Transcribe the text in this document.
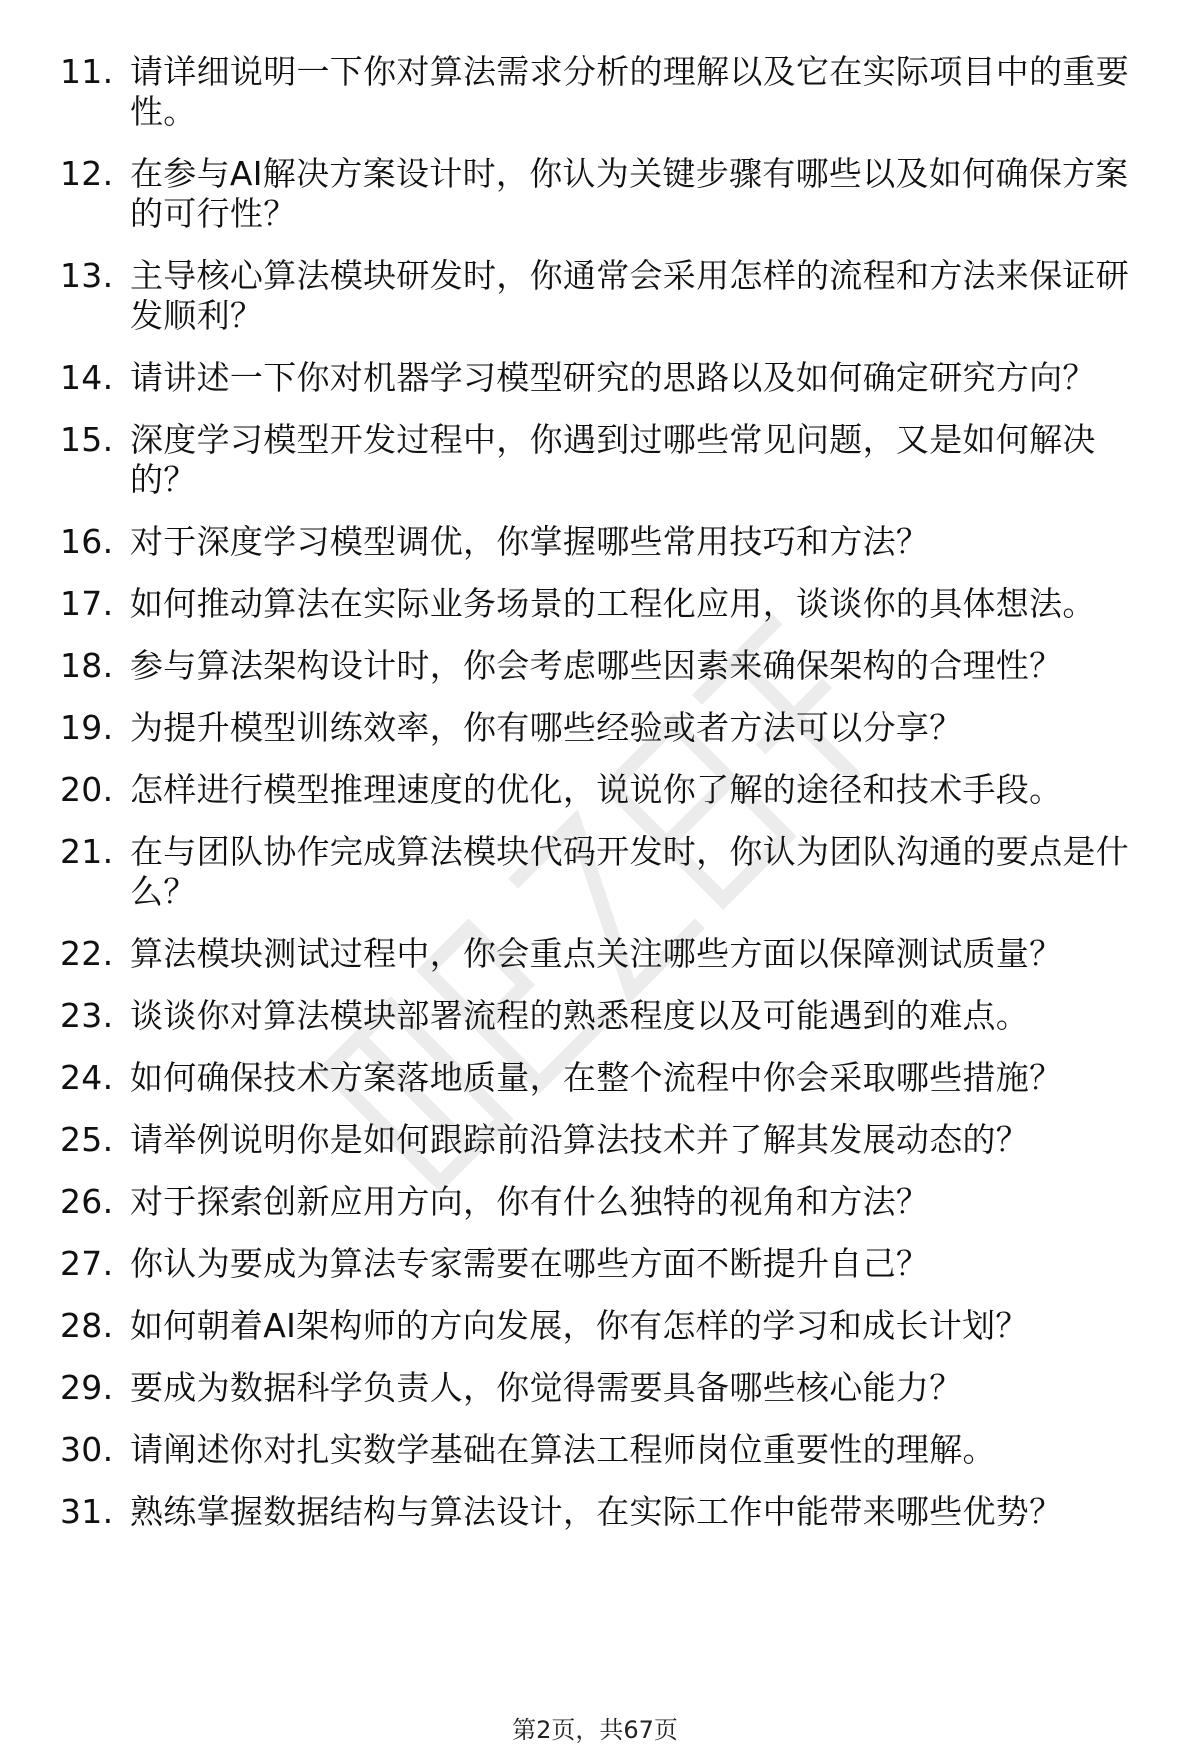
11. 请详细说明一下你对算法需求分析的理解以及它在实际项目中的重要性。
12. 在参与AI解决方案设计时，你认为关键步骤有哪些以及如何确保方案的可行性？
13. 主导核心算法模块研发时，你通常会采用怎样的流程和方法来保证研发顺利？
14. 请讲述一下你对机器学习模型研究的思路以及如何确定研究方向？
15. 深度学习模型开发过程中，你遇到过哪些常见问题，又是如何解决的？
16. 对于深度学习模型调优，你掌握哪些常用技巧和方法？
17. 如何推动算法在实际业务场景的工程化应用，谈谈你的具体想法。
18. 参与算法架构设计时，你会考虑哪些因素来确保架构的合理性？
19. 为提升模型训练效率，你有哪些经验或者方法可以分享？
20. 怎样进行模型推理速度的优化，说说你了解的途径和技术手段。
21. 在与团队协作完成算法模块代码开发时，你认为团队沟通的要点是什么？
22. 算法模块测试过程中，你会重点关注哪些方面以保障测试质量？
23. 谈谈你对算法模块部署流程的熟悉程度以及可能遇到的难点。
24. 如何确保技术方案落地质量，在整个流程中你会采取哪些措施？
25. 请举例说明你是如何跟踪前沿算法技术并了解其发展动态的？
26. 对于探索创新应用方向，你有什么独特的视角和方法？
27. 你认为要成为算法专家需要在哪些方面不断提升自己？
28. 如何朝着AI架构师的方向发展，你有怎样的学习和成长计划？
29. 要成为数据科学负责人，你觉得需要具备哪些核心能力？
30. 请阐述你对扎实数学基础在算法工程师岗位重要性的理解。
31. 熟练掌握数据结构与算法设计，在实际工作中能带来哪些优势？
第2页，共67页
